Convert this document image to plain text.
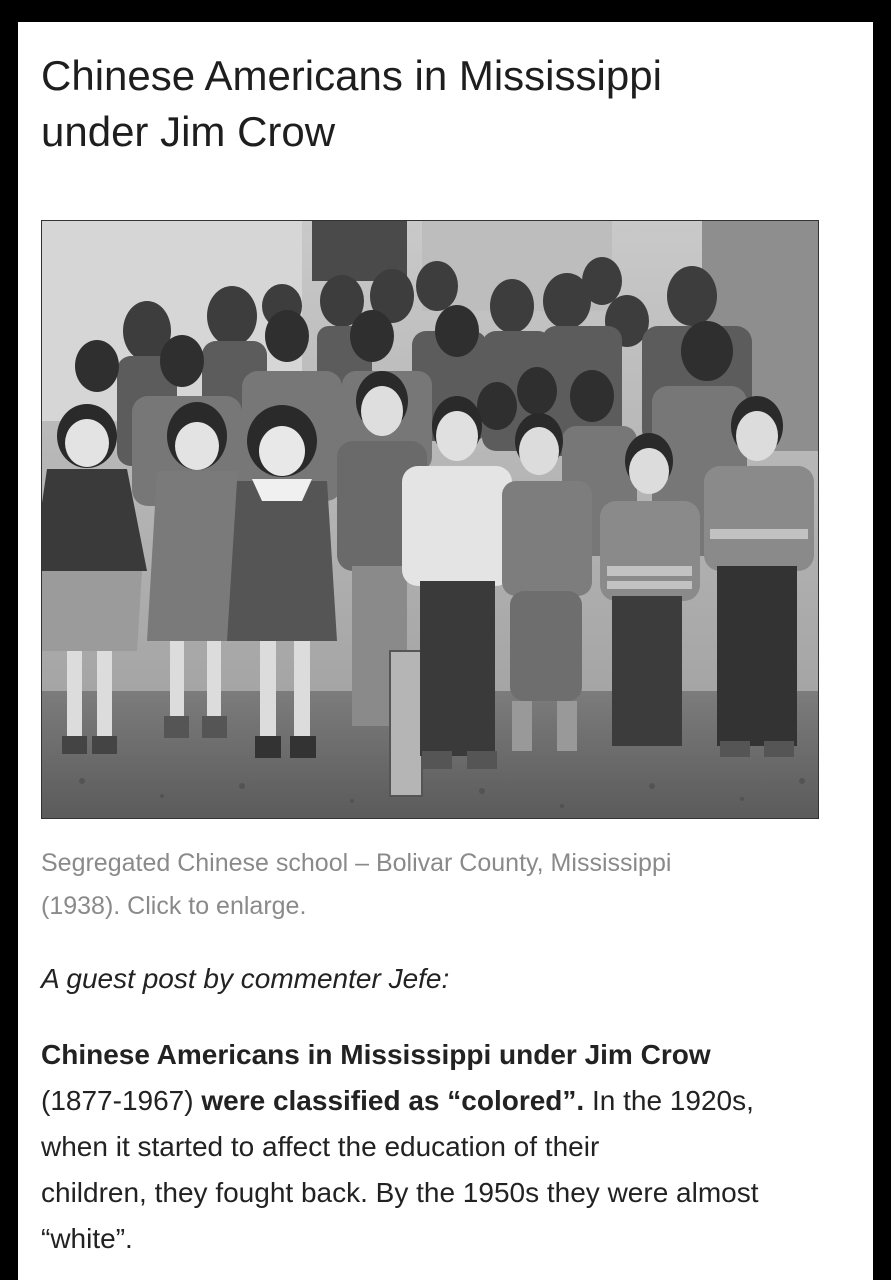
Chinese Americans in Mississippi
under Jim Crow

Segregated Chinese school – Bolivar County, Mississippi
(1938). Click to enlarge.

A guest post by commenter Jefe:

Chinese Americans in Mississippi under Jim Crow
(1877-1967) were classified as “colored”. In the 1920s,
when it started to affect the education of their
children, they fought back. By the 1950s they were almost
“white”.
